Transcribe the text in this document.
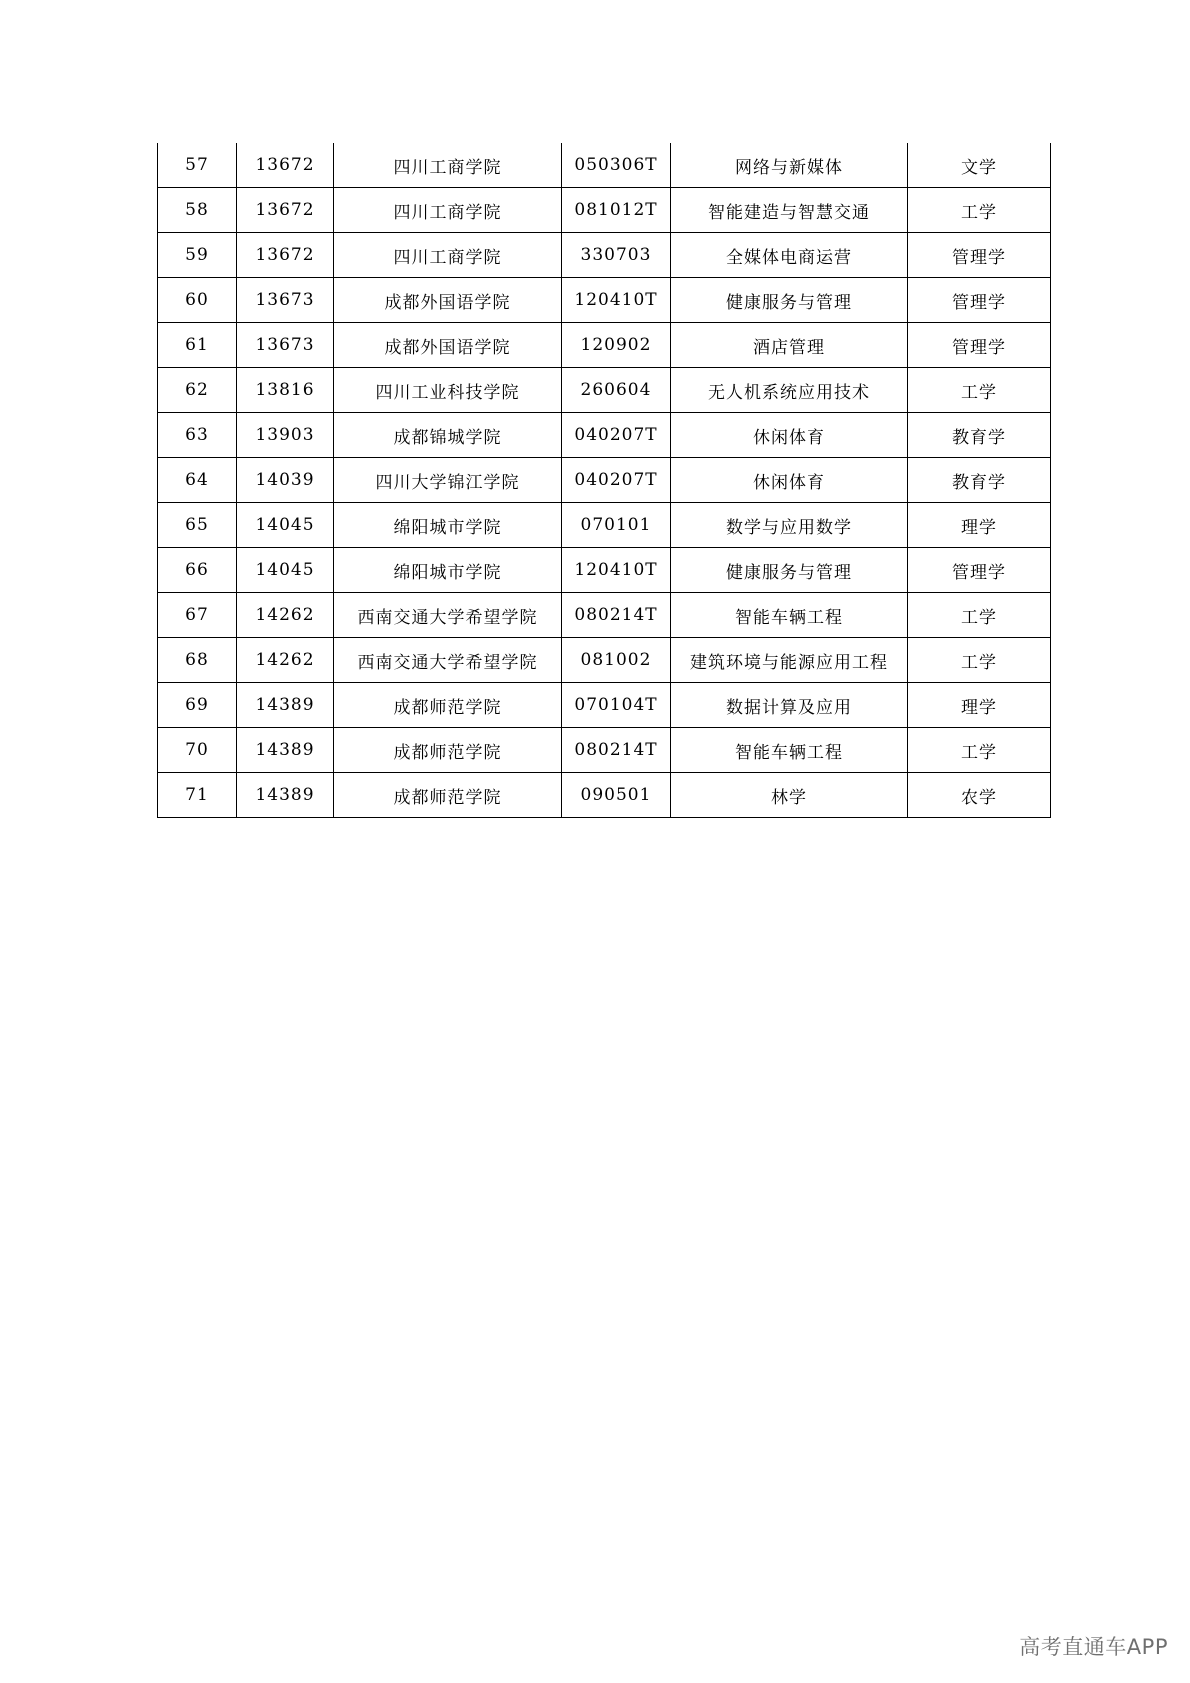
57	13672	四川工商学院	050306T	网络与新媒体	文学
58	13672	四川工商学院	081012T	智能建造与智慧交通	工学
59	13672	四川工商学院	330703	全媒体电商运营	管理学
60	13673	成都外国语学院	120410T	健康服务与管理	管理学
61	13673	成都外国语学院	120902	酒店管理	管理学
62	13816	四川工业科技学院	260604	无人机系统应用技术	工学
63	13903	成都锦城学院	040207T	休闲体育	教育学
64	14039	四川大学锦江学院	040207T	休闲体育	教育学
65	14045	绵阳城市学院	070101	数学与应用数学	理学
66	14045	绵阳城市学院	120410T	健康服务与管理	管理学
67	14262	西南交通大学希望学院	080214T	智能车辆工程	工学
68	14262	西南交通大学希望学院	081002	建筑环境与能源应用工程	工学
69	14389	成都师范学院	070104T	数据计算及应用	理学
70	14389	成都师范学院	080214T	智能车辆工程	工学
71	14389	成都师范学院	090501	林学	农学
高考直通车APP
